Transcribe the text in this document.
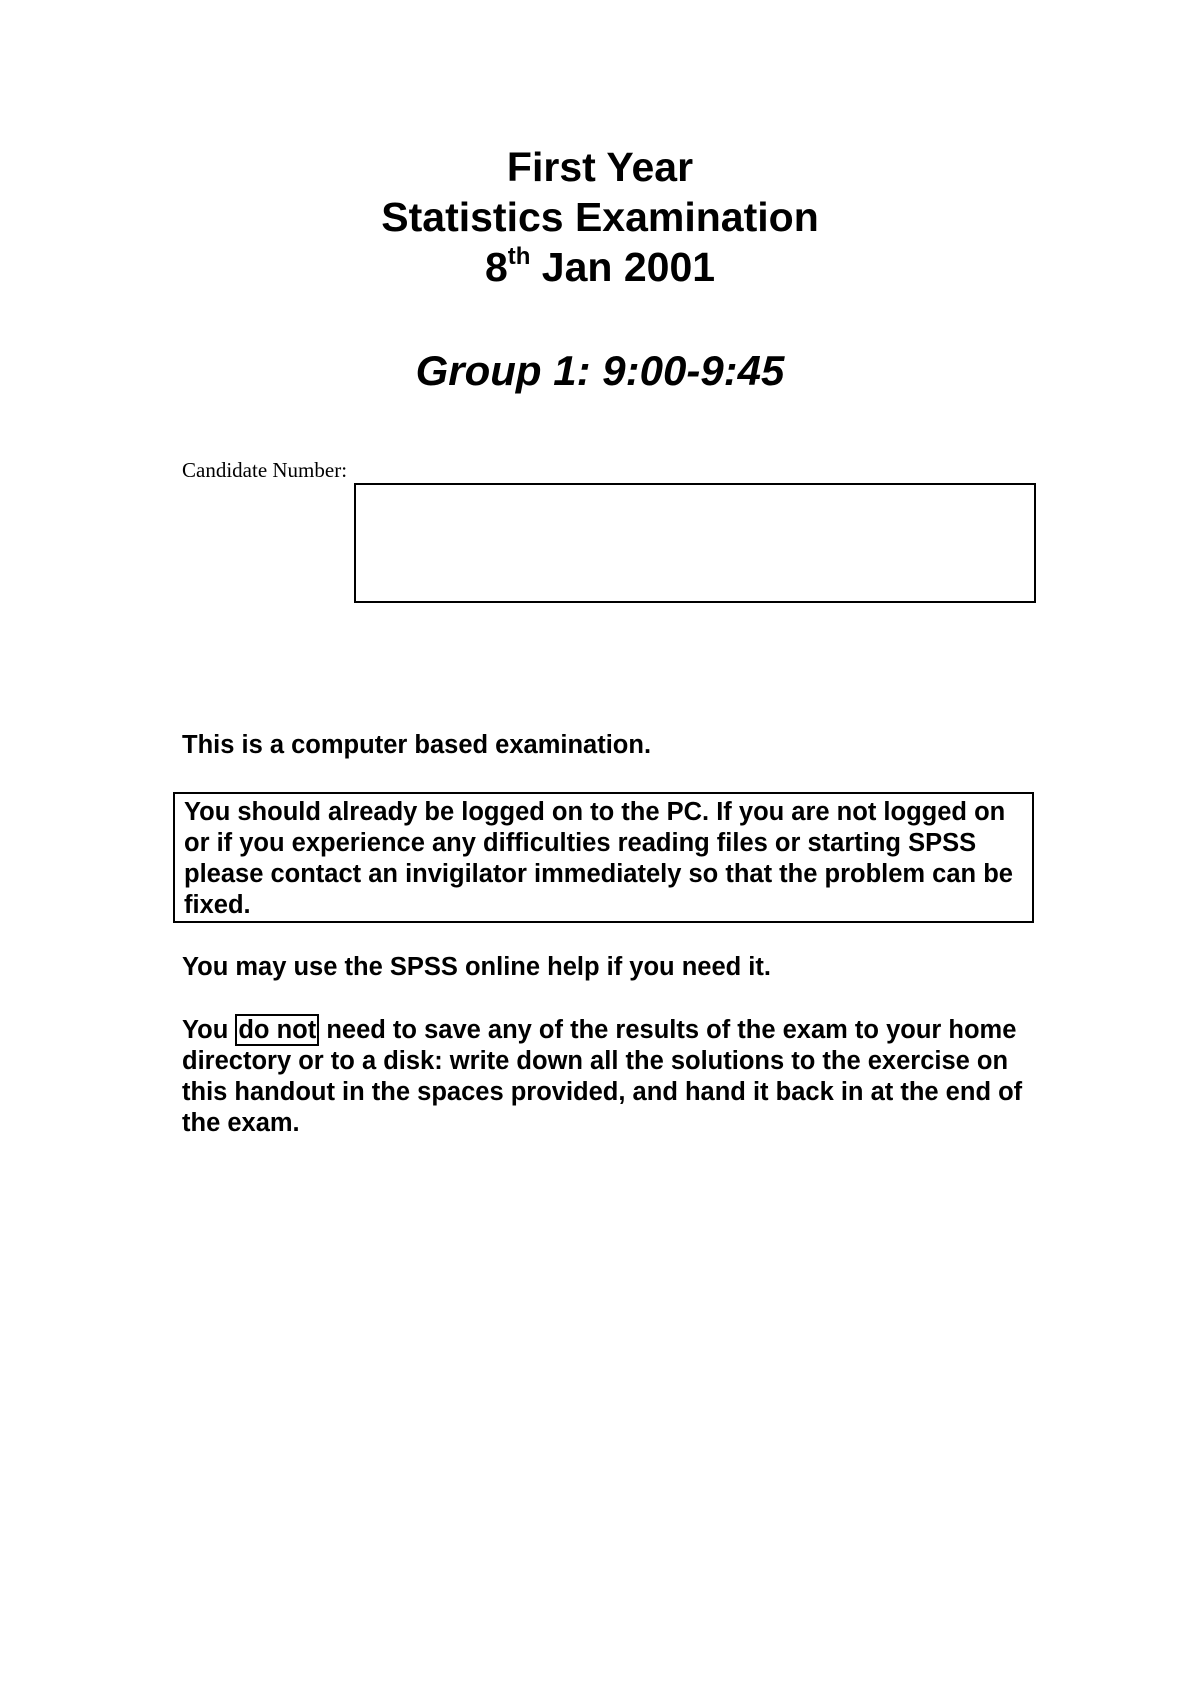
First Year
Statistics Examination
8th Jan 2001
Group 1: 9:00-9:45
Candidate Number:
This is a computer based examination.
You should already be logged on to the PC. If you are not logged on or if you experience any difficulties reading files or starting SPSS please contact an invigilator immediately so that the problem can be fixed.
You may use the SPSS online help if you need it.
You do not need to save any of the results of the exam to your home directory or to a disk: write down all the solutions to the exercise on this handout in the spaces provided, and hand it back in at the end of the exam.
